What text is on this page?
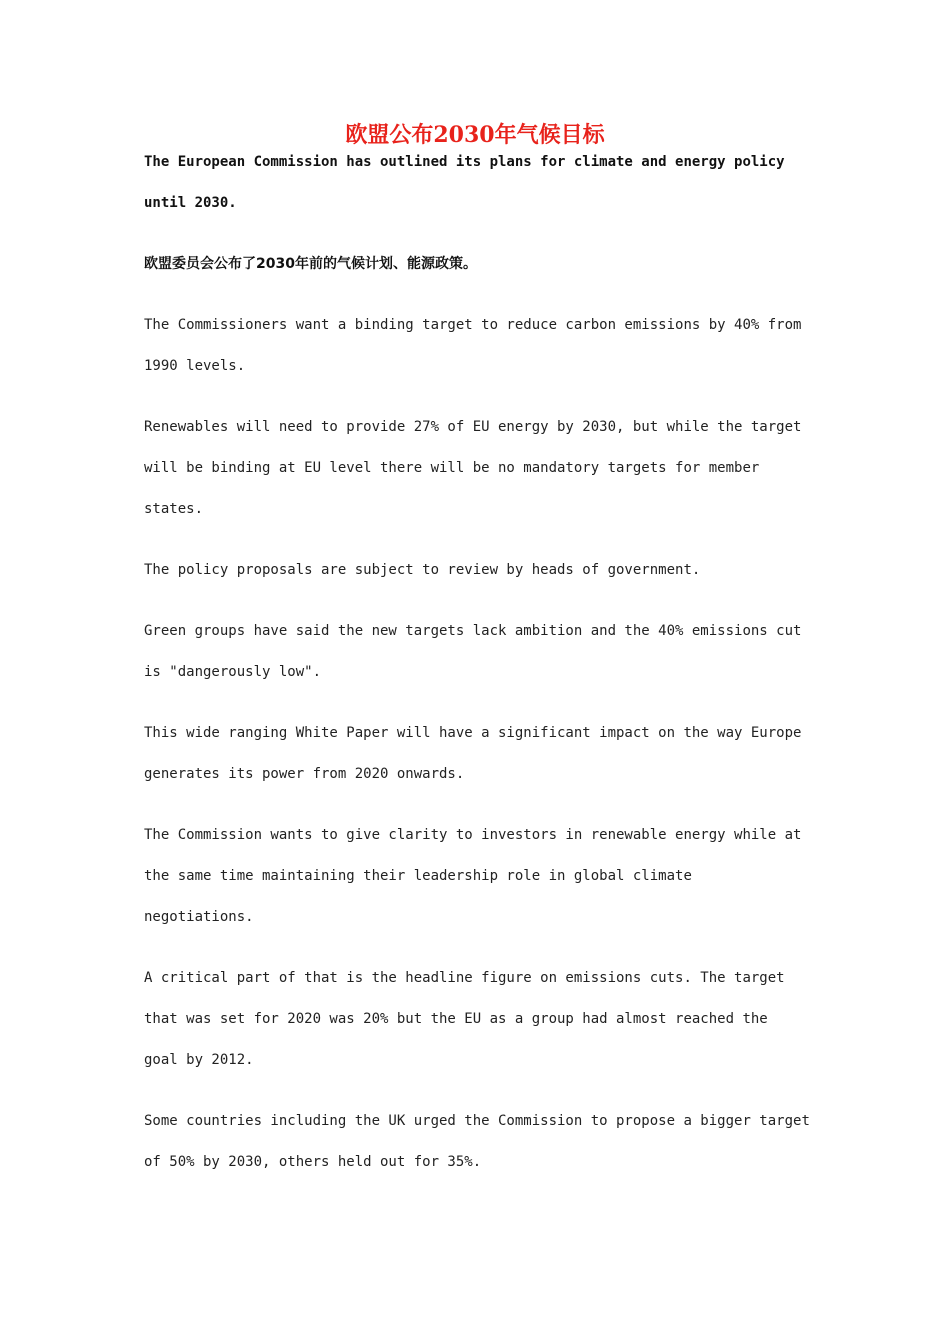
欧盟公布2030年气候目标

The European Commission has outlined its plans for climate and energy policy
until 2030.

欧盟委员会公布了2030年前的气候计划、能源政策。

The Commissioners want a binding target to reduce carbon emissions by 40% from
1990 levels.

Renewables will need to provide 27% of EU energy by 2030, but while the target
will be binding at EU level there will be no mandatory targets for member
states.

The policy proposals are subject to review by heads of government.

Green groups have said the new targets lack ambition and the 40% emissions cut
is "dangerously low".

This wide ranging White Paper will have a significant impact on the way Europe
generates its power from 2020 onwards.

The Commission wants to give clarity to investors in renewable energy while at
the same time maintaining their leadership role in global climate
negotiations.

A critical part of that is the headline figure on emissions cuts. The target
that was set for 2020 was 20% but the EU as a group had almost reached the
goal by 2012.

Some countries including the UK urged the Commission to propose a bigger target
of 50% by 2030, others held out for 35%.
